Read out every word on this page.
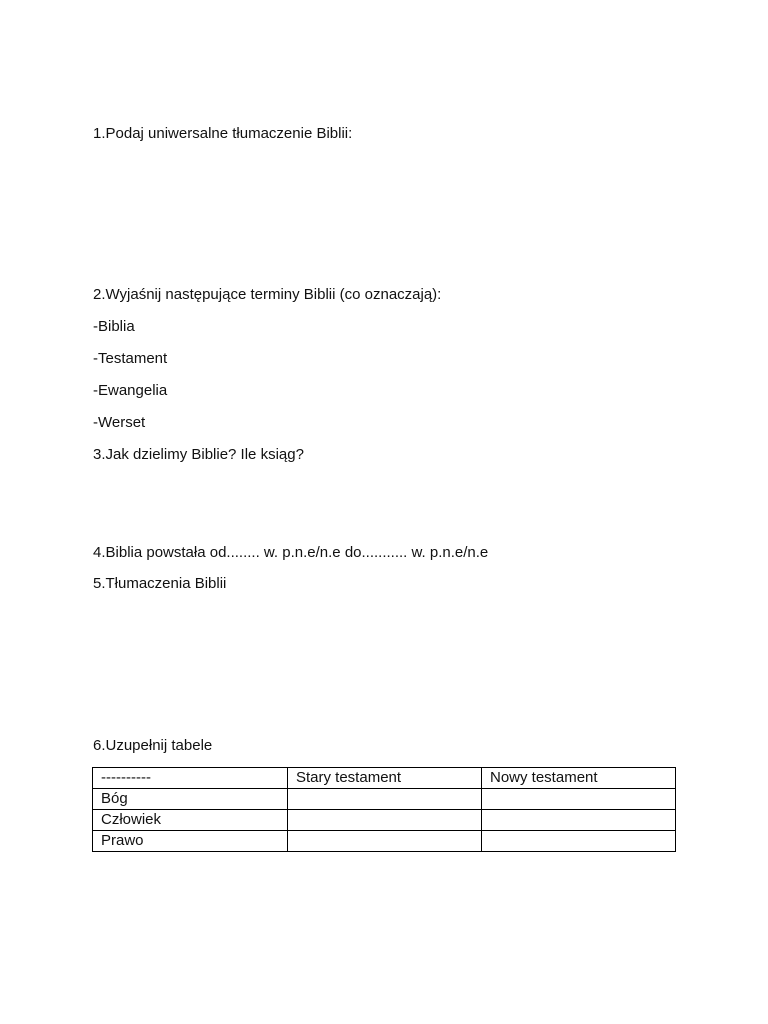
1.Podaj uniwersalne tłumaczenie Biblii:
2.Wyjaśnij następujące terminy Biblii (co oznaczają):
-Biblia
-Testament
-Ewangelia
-Werset
3.Jak dzielimy Biblie? Ile ksiąg?
4.Biblia powstała od........ w. p.n.e/n.e do........... w. p.n.e/n.e
5.Tłumaczenia Biblii
6.Uzupełnij tabele
----------	Stary testament	Nowy testament
Bóg		
Człowiek		
Prawo		
